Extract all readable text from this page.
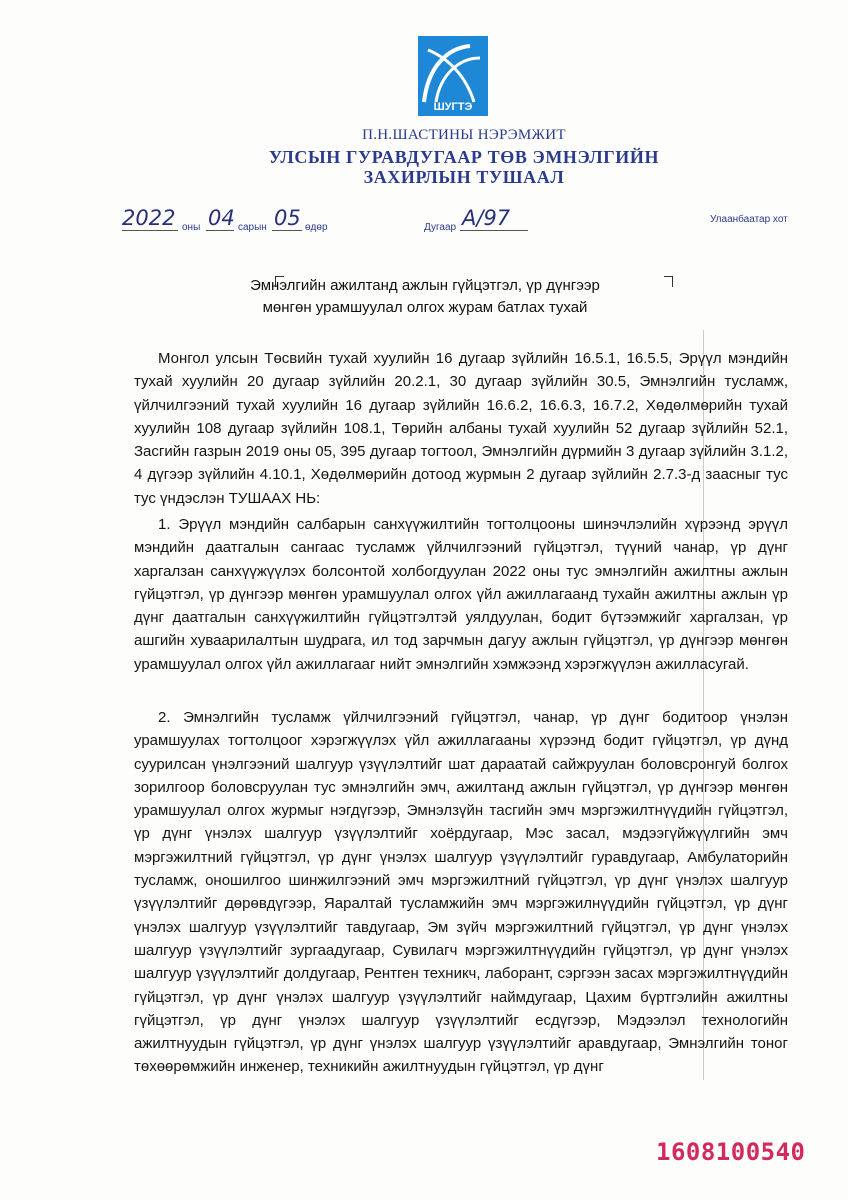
ШУГТЭ
П.Н.ШАСТИНЫ НЭРЭМЖИТ
УЛСЫН ГУРАВДУГААР ТӨВ ЭМНЭЛГИЙН
ЗАХИРЛЫН ТУШААЛ
2022 оны 04 сарын 05 өдөр	Дугаар А/97	Улаанбаатар хот
Эмнэлгийн ажилтанд ажлын гүйцэтгэл, үр дүнгээр
мөнгөн урамшуулал олгох журам батлах тухай
Монгол улсын Төсвийн тухай хуулийн 16 дугаар зүйлийн 16.5.1, 16.5.5, Эрүүл мэндийн тухай хуулийн 20 дугаар зүйлийн 20.2.1, 30 дугаар зүйлийн 30.5, Эмнэлгийн тусламж, үйлчилгээний тухай хуулийн 16 дугаар зүйлийн 16.6.2, 16.6.3, 16.7.2, Хөдөлмөрийн тухай хуулийн 108 дугаар зүйлийн 108.1, Төрийн албаны тухай хуулийн 52 дугаар зүйлийн 52.1, Засгийн газрын 2019 оны 05, 395 дугаар тогтоол, Эмнэлгийн дүрмийн 3 дугаар зүйлийн 3.1.2, 4 дүгээр зүйлийн 4.10.1, Хөдөлмөрийн дотоод журмын 2 дугаар зүйлийн 2.7.3-д заасныг тус тус үндэслэн ТУШААХ НЬ:
1. Эрүүл мэндийн салбарын санхүүжилтийн тогтолцооны шинэчлэлийн хүрээнд эрүүл мэндийн даатгалын сангаас тусламж үйлчилгээний гүйцэтгэл, түүний чанар, үр дүнг харгалзан санхүүжүүлэх болсонтой холбогдуулан 2022 оны тус эмнэлгийн ажилтны ажлын гүйцэтгэл, үр дүнгээр мөнгөн урамшуулал олгох үйл ажиллагаанд тухайн ажилтны ажлын үр дүнг даатгалын санхүүжилтийн гүйцэтгэлтэй уялдуулан, бодит бүтээмжийг харгалзан, үр ашгийн хуваарилалтын шудрага, ил тод зарчмын дагуу ажлын гүйцэтгэл, үр дүнгээр мөнгөн урамшуулал олгох үйл ажиллагааг нийт эмнэлгийн хэмжээнд хэрэгжүүлэн ажилласугай.
2. Эмнэлгийн тусламж үйлчилгээний гүйцэтгэл, чанар, үр дүнг бодитоор үнэлэн урамшуулах тогтолцоог хэрэгжүүлэх үйл ажиллагааны хүрээнд бодит гүйцэтгэл, үр дүнд суурилсан үнэлгээний шалгуур үзүүлэлтийг шат дараатай сайжруулан боловсронгуй болгох зорилгоор боловсруулан тус эмнэлгийн эмч, ажилтанд ажлын гүйцэтгэл, үр дүнгээр мөнгөн урамшуулал олгох журмыг нэгдүгээр, Эмнэлзүйн тасгийн эмч мэргэжилтнүүдийн гүйцэтгэл, үр дүнг үнэлэх шалгуур үзүүлэлтийг хоёрдугаар, Мэс засал, мэдээгүйжүүлгийн эмч мэргэжилтний гүйцэтгэл, үр дүнг үнэлэх шалгуур үзүүлэлтийг гуравдугаар, Амбулаторийн тусламж, оношилгоо шинжилгээний эмч мэргэжилтний гүйцэтгэл, үр дүнг үнэлэх шалгуур үзүүлэлтийг дөрөвдүгээр, Яаралтай тусламжийн эмч мэргэжилнүүдийн гүйцэтгэл, үр дүнг үнэлэх шалгуур үзүүлэлтийг тавдугаар, Эм зүйч мэргэжилтний гүйцэтгэл, үр дүнг үнэлэх шалгуур үзүүлэлтийг зургаадугаар, Сувилагч мэргэжилтнүүдийн гүйцэтгэл, үр дүнг үнэлэх шалгуур үзүүлэлтийг долдугаар, Рентген техникч, лаборант, сэргээн засах мэргэжилтнүүдийн гүйцэтгэл, үр дүнг үнэлэх шалгуур үзүүлэлтийг наймдугаар, Цахим бүртгэлийн ажилтны гүйцэтгэл, үр дүнг үнэлэх шалгуур үзүүлэлтийг есдүгээр, Мэдээлэл технологийн ажилтнуудын гүйцэтгэл, үр дүнг үнэлэх шалгуур үзүүлэлтийг аравдугаар, Эмнэлгийн тоног төхөөрөмжийн инженер, техникийн ажилтнуудын гүйцэтгэл, үр дүнг
1608100540
